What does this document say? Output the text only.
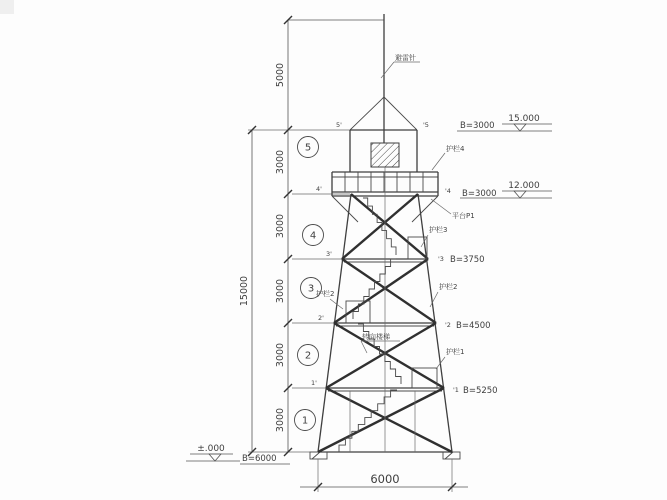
5000
3000
3000
3000
3000
3000
15000
5
4
3
2
1
5'
4'
3'
2'
1'
'5
'4
'3
'2
'1
避雷针
护栏4
平台P1
护栏3
护栏2
护栏2
护栏1
转向楼梯
B=3000
15.000
B=3000
12.000
B=3750
B=4500
B=5250
±.000
B=6000
6000
